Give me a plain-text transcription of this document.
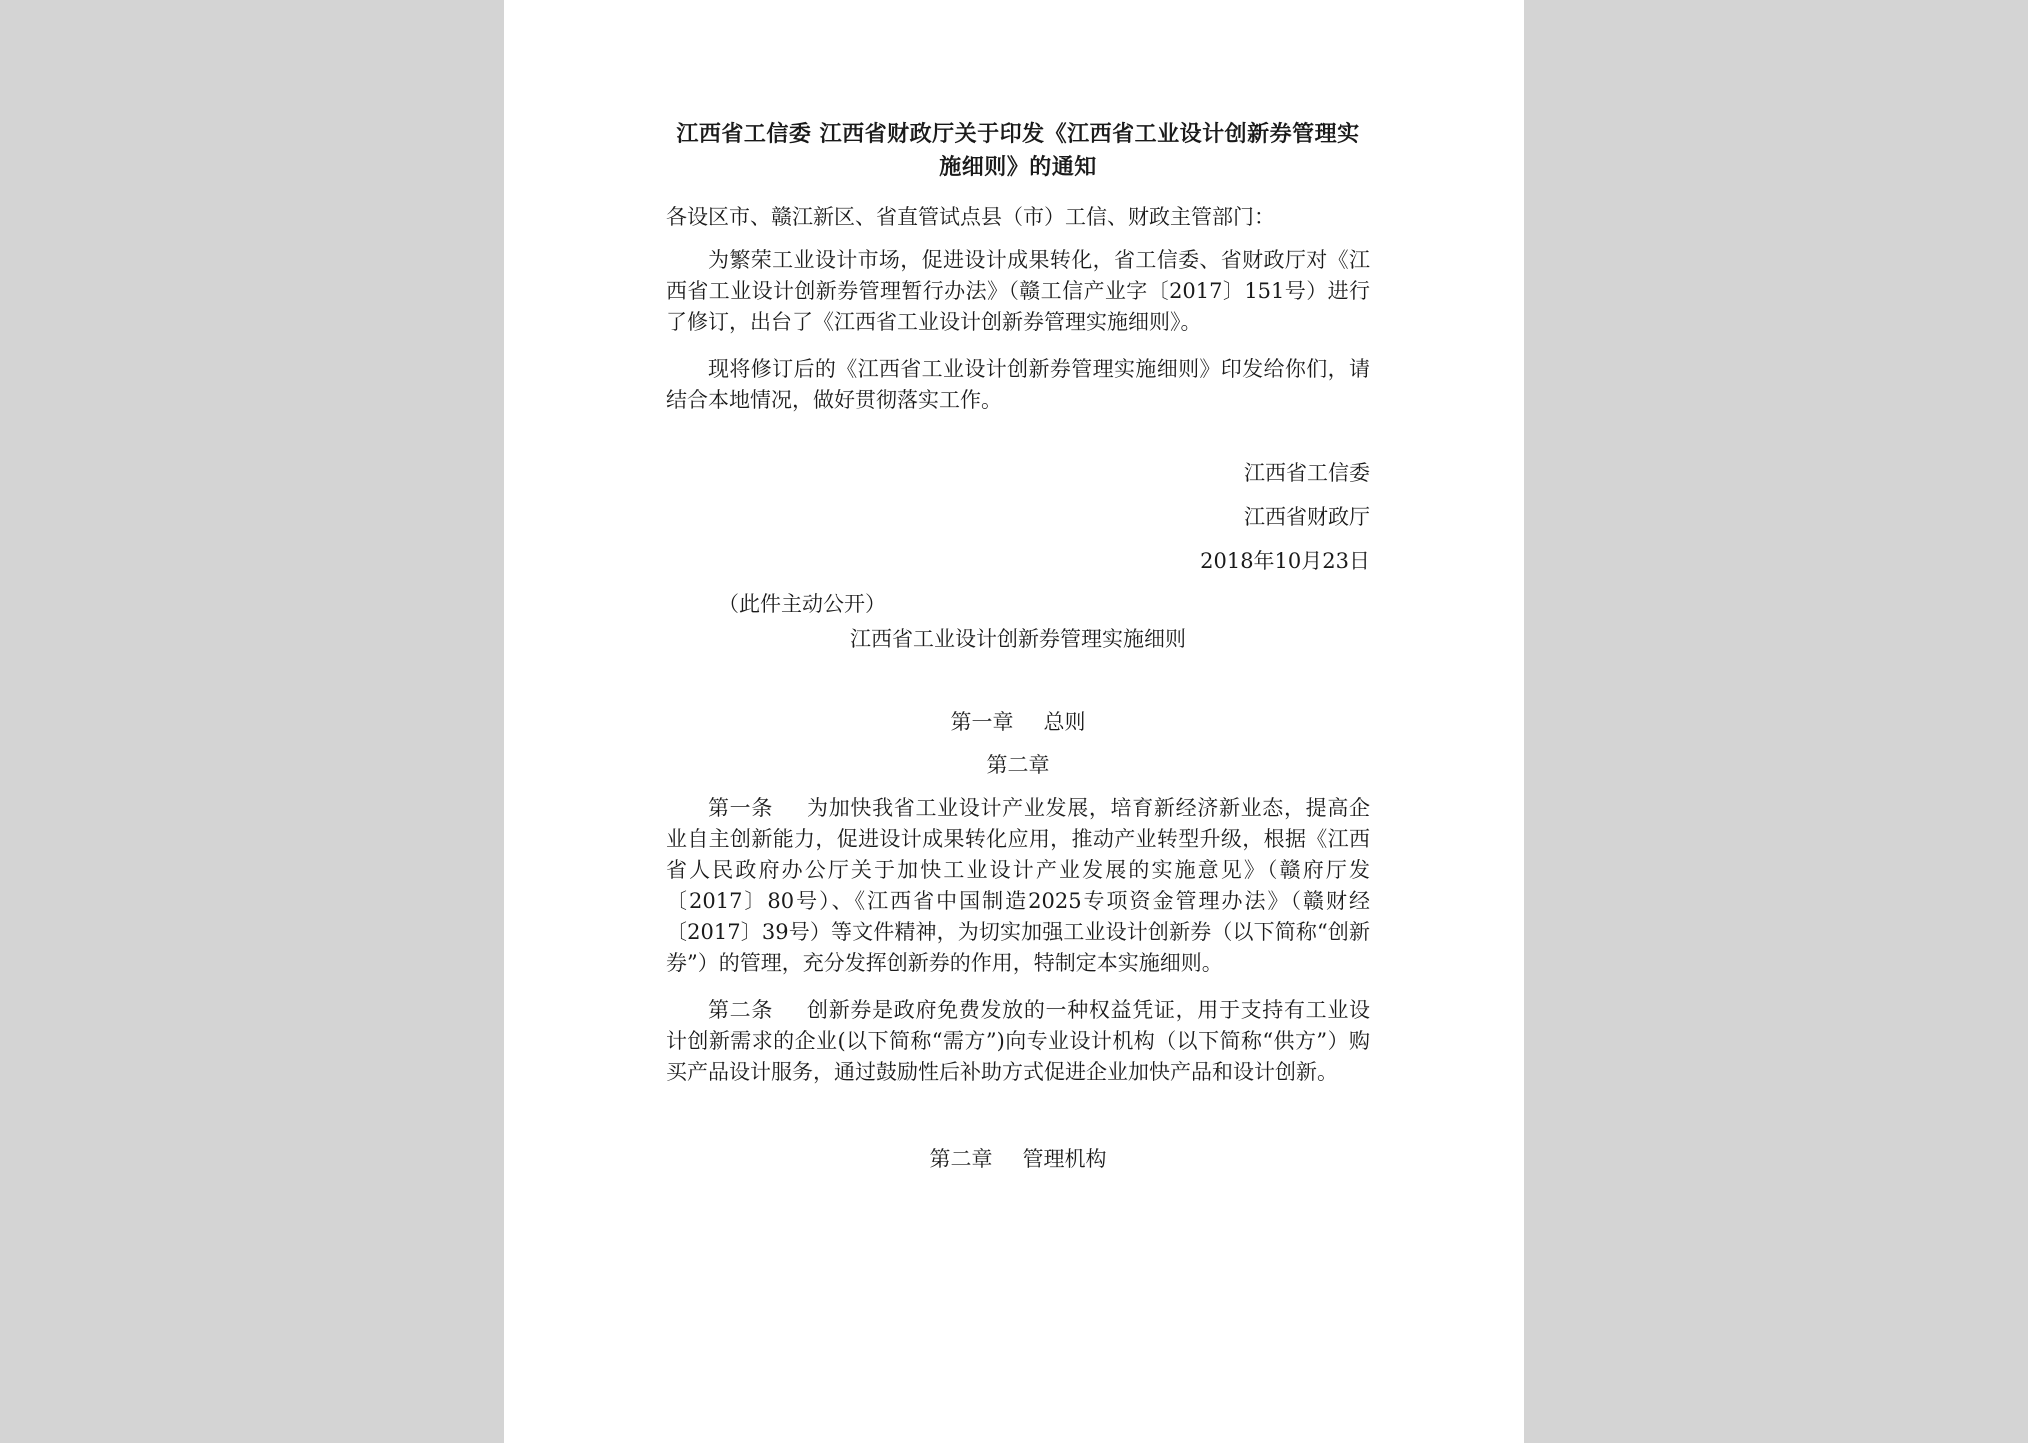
江西省工信委 江西省财政厅关于印发《江西省工业设计创新券管理实施细则》的通知

各设区市、赣江新区、省直管试点县（市）工信、财政主管部门：

为繁荣工业设计市场，促进设计成果转化，省工信委、省财政厅对《江西省工业设计创新券管理暂行办法》（赣工信产业字〔2017〕151号）进行了修订，出台了《江西省工业设计创新券管理实施细则》。

现将修订后的《江西省工业设计创新券管理实施细则》印发给你们，请结合本地情况，做好贯彻落实工作。

江西省工信委

江西省财政厅

2018年10月23日

（此件主动公开）

江西省工业设计创新券管理实施细则

第一章 总则

第二章

第一条 为加快我省工业设计产业发展，培育新经济新业态，提高企业自主创新能力，促进设计成果转化应用，推动产业转型升级，根据《江西省人民政府办公厅关于加快工业设计产业发展的实施意见》（赣府厅发〔2017〕80号）、《江西省中国制造2025专项资金管理办法》（赣财经〔2017〕39号）等文件精神，为切实加强工业设计创新券（以下简称“创新券”）的管理，充分发挥创新券的作用，特制定本实施细则。

第二条 创新券是政府免费发放的一种权益凭证，用于支持有工业设计创新需求的企业(以下简称“需方”)向专业设计机构（以下简称“供方”）购买产品设计服务，通过鼓励性后补助方式促进企业加快产品和设计创新。

第二章 管理机构
